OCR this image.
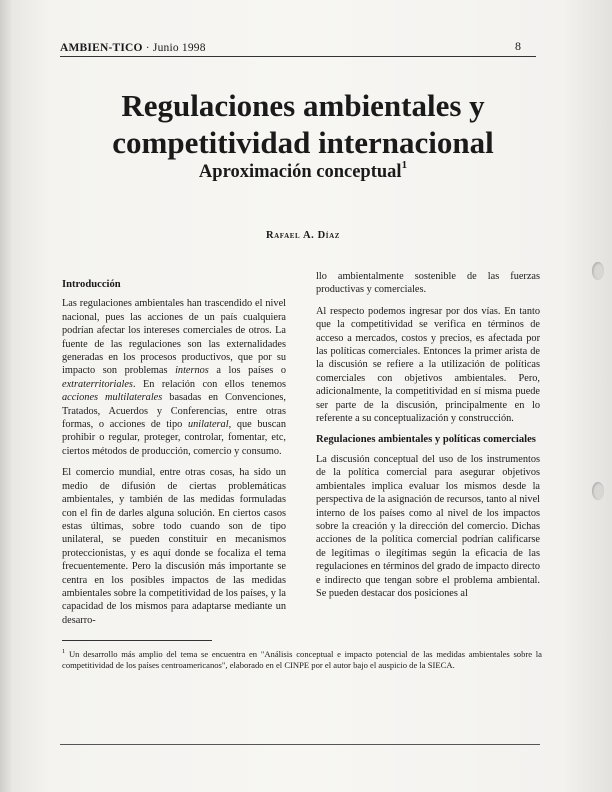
AMBIEN-TICO · Junio 1998	8
Regulaciones ambientales y
competitividad internacional
Aproximación conceptual$^1$
Rafael A. Díaz
Introducción

Las regulaciones ambientales han trascendido el nivel nacional, pues las acciones de un país cualquiera podrían afectar los intereses comerciales de otros. La fuente de las regulaciones son las externalidades generadas en los procesos productivos, que por su impacto son problemas internos a los países o extraterritoriales. En relación con ellos tenemos acciones multilaterales basadas en Convenciones, Tratados, Acuerdos y Conferencias, entre otras formas, o acciones de tipo unilateral, que buscan prohibir o regular, proteger, controlar, fomentar, etc, ciertos métodos de producción, comercio y consumo.

El comercio mundial, entre otras cosas, ha sido un medio de difusión de ciertas problemáticas ambientales, y también de las medidas formuladas con el fin de darles alguna solución. En ciertos casos estas últimas, sobre todo cuando son de tipo unilateral, se pueden constituir en mecanismos proteccionistas, y es aquí donde se focaliza el tema frecuentemente. Pero la discusión más importante se centra en los posibles impactos de las medidas ambientales sobre la competitividad de los países, y la capacidad de los mismos para adaptarse mediante un desarro-

llo ambientalmente sostenible de las fuerzas productivas y comerciales.

Al respecto podemos ingresar por dos vías. En tanto que la competitividad se verifica en términos de acceso a mercados, costos y precios, es afectada por las políticas comerciales. Entonces la primer arista de la discusión se refiere a la utilización de políticas comerciales con objetivos ambientales. Pero, adicionalmente, la competitividad en sí misma puede ser parte de la discusión, principalmente en lo referente a su conceptualización y construcción.

Regulaciones ambientales y políticas comerciales

La discusión conceptual del uso de los instrumentos de la política comercial para asegurar objetivos ambientales implica evaluar los mismos desde la perspectiva de la asignación de recursos, tanto al nivel interno de los países como al nivel de los impactos sobre la creación y la dirección del comercio. Dichas acciones de la política comercial podrían calificarse de legítimas o ilegítimas según la eficacia de las regulaciones en términos del grado de impacto directo e indirecto que tengan sobre el problema ambiental. Se pueden destacar dos posiciones al

$^1$ Un desarrollo más amplio del tema se encuentra en "Análisis conceptual e impacto potencial de las medidas ambientales sobre la competitividad de los países centroamericanos", elaborado en el CINPE por el autor bajo el auspicio de la SIECA.
